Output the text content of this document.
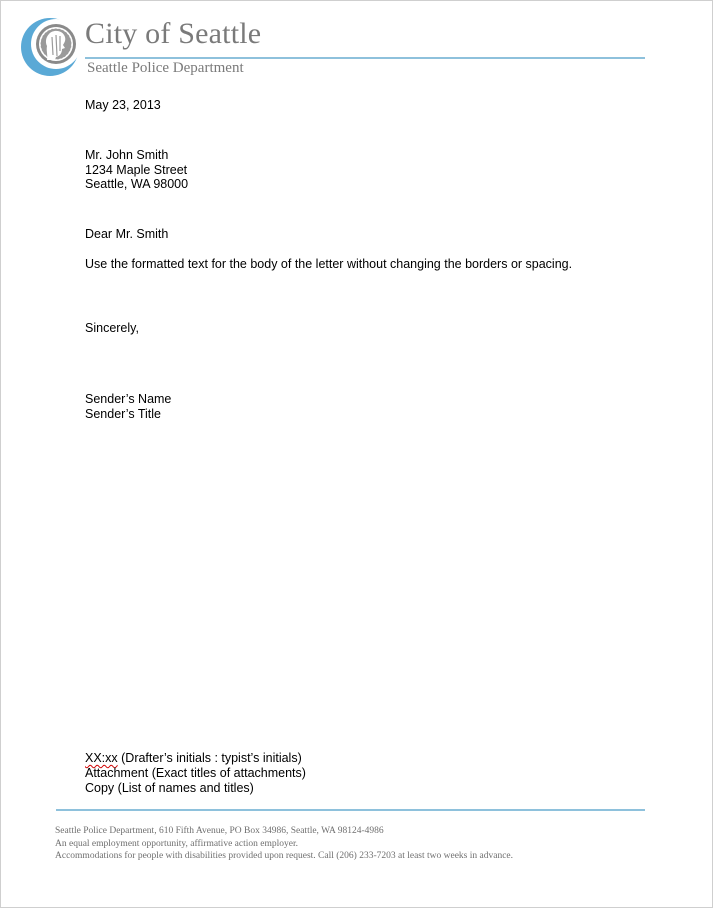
City of Seattle
Seattle Police Department
May 23, 2013
Mr. John Smith
1234 Maple Street
Seattle, WA 98000
Dear Mr. Smith
Use the formatted text for the body of the letter without changing the borders or spacing.
Sincerely,
Sender’s Name
Sender’s Title
XX:xx (Drafter’s initials : typist’s initials)
Attachment (Exact titles of attachments)
Copy (List of names and titles)
Seattle Police Department, 610 Fifth Avenue, PO Box 34986, Seattle, WA 98124-4986
An equal employment opportunity, affirmative action employer.
Accommodations for people with disabilities provided upon request. Call (206) 233-7203 at least two weeks in advance.
